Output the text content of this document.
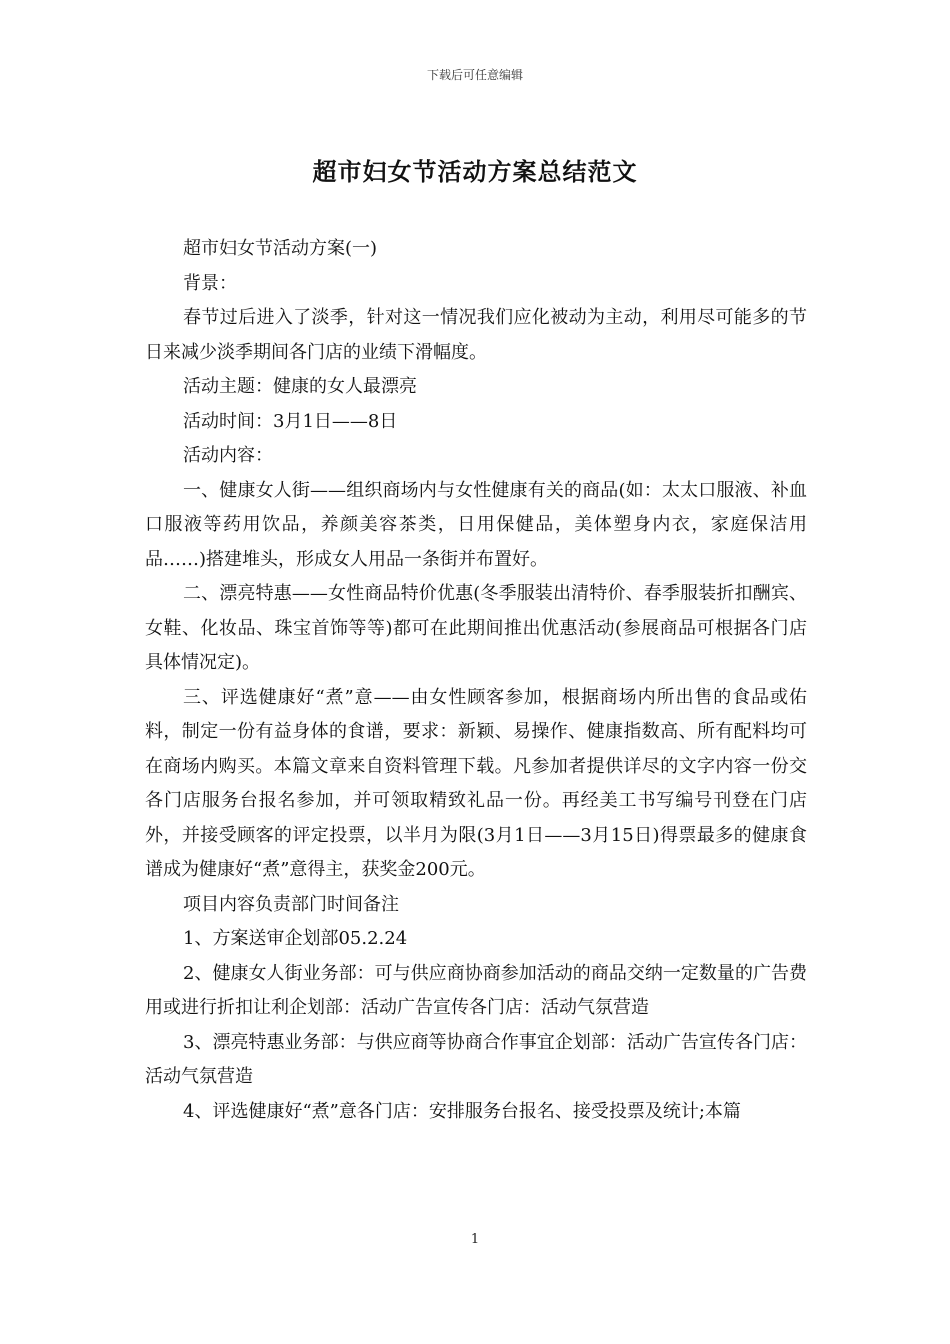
下载后可任意编辑
超市妇女节活动方案总结范文

超市妇女节活动方案(一)

背景：

春节过后进入了淡季，针对这一情况我们应化被动为主动，利用尽可能多的节日来减少淡季期间各门店的业绩下滑幅度。

活动主题：健康的女人最漂亮

活动时间：3月1日——8日

活动内容：

一、健康女人街——组织商场内与女性健康有关的商品(如：太太口服液、补血口服液等药用饮品，养颜美容茶类，日用保健品，美体塑身内衣，家庭保洁用品……)搭建堆头，形成女人用品一条街并布置好。

二、漂亮特惠——女性商品特价优惠(冬季服装出清特价、春季服装折扣酬宾、女鞋、化妆品、珠宝首饰等等)都可在此期间推出优惠活动(参展商品可根据各门店具体情况定)。

三、评选健康好“煮”意——由女性顾客参加，根据商场内所出售的食品或佑料，制定一份有益身体的食谱，要求：新颖、易操作、健康指数高、所有配料均可在商场内购买。本篇文章来自资料管理下载。凡参加者提供详尽的文字内容一份交各门店服务台报名参加，并可领取精致礼品一份。再经美工书写编号刊登在门店外，并接受顾客的评定投票，以半月为限(3月1日——3月15日)得票最多的健康食谱成为健康好“煮”意得主，获奖金200元。

项目内容负责部门时间备注

1、方案送审企划部05.2.24

2、健康女人街业务部：可与供应商协商参加活动的商品交纳一定数量的广告费用或进行折扣让利企划部：活动广告宣传各门店：活动气氛营造

3、漂亮特惠业务部：与供应商等协商合作事宜企划部：活动广告宣传各门店：活动气氛营造

4、评选健康好“煮”意各门店：安排服务台报名、接受投票及统计;本篇

1
